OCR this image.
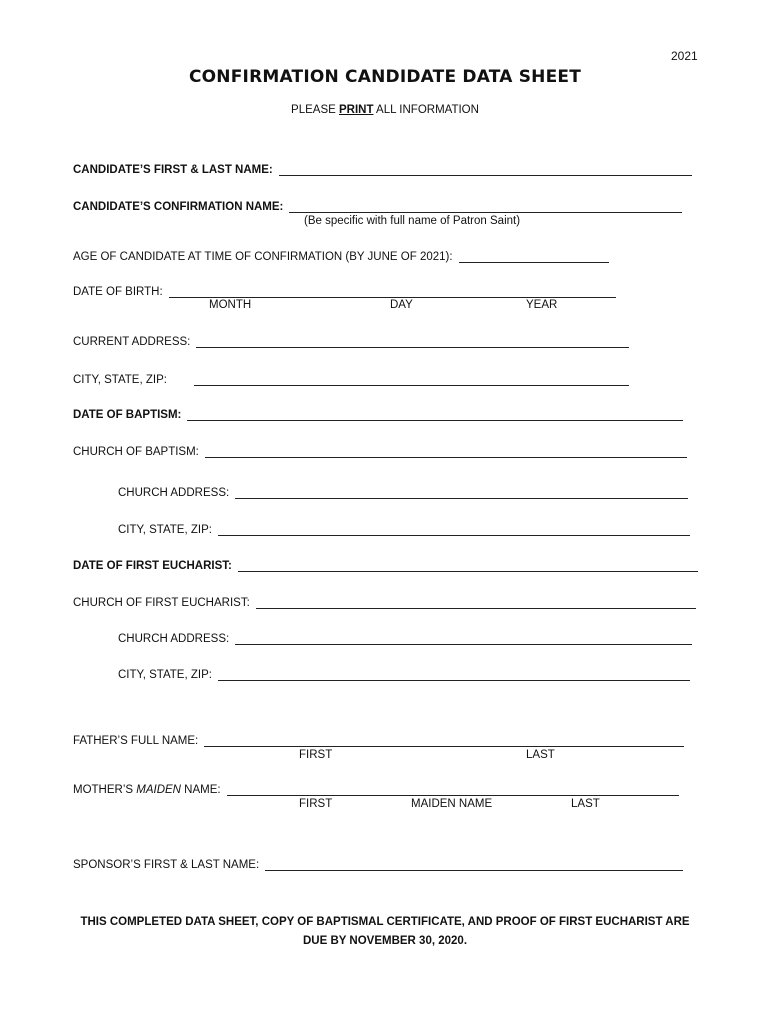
2021
CONFIRMATION CANDIDATE DATA SHEET
PLEASE PRINT ALL INFORMATION
CANDIDATE’S FIRST & LAST NAME:
CANDIDATE’S CONFIRMATION NAME:
(Be specific with full name of Patron Saint)
AGE OF CANDIDATE AT TIME OF CONFIRMATION (BY JUNE OF 2021):
DATE OF BIRTH:
MONTH	DAY	YEAR
CURRENT ADDRESS:
CITY, STATE, ZIP:
DATE OF BAPTISM:
CHURCH OF BAPTISM:
CHURCH ADDRESS:
CITY, STATE, ZIP:
DATE OF FIRST EUCHARIST:
CHURCH OF FIRST EUCHARIST:
CHURCH ADDRESS:
CITY, STATE, ZIP:
FATHER’S FULL NAME:
FIRST	LAST
MOTHER’S MAIDEN NAME:
FIRST	MAIDEN NAME	LAST
SPONSOR’S FIRST & LAST NAME:
THIS COMPLETED DATA SHEET, COPY OF BAPTISMAL CERTIFICATE, AND PROOF OF FIRST EUCHARIST ARE
DUE BY NOVEMBER 30, 2020.
